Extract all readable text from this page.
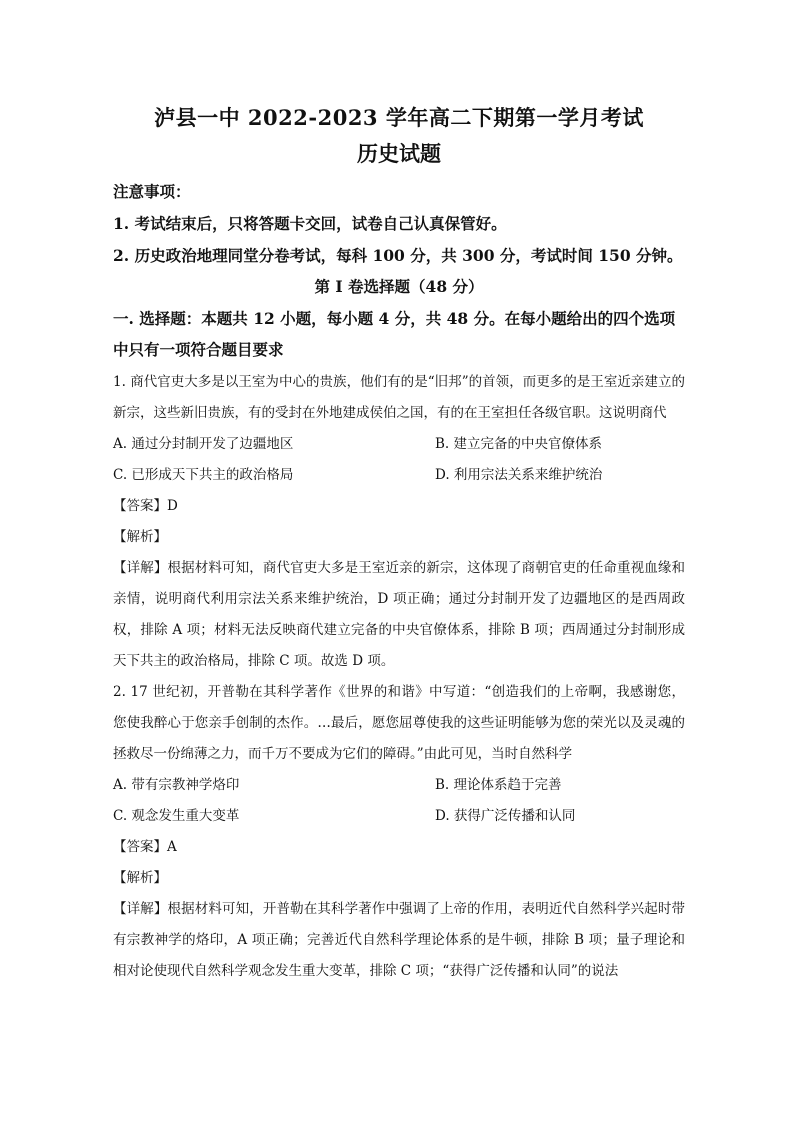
泸县一中 2022-2023 学年高二下期第一学月考试
历史试题
注意事项：
1. 考试结束后，只将答题卡交回，试卷自己认真保管好。
2. 历史政治地理同堂分卷考试，每科 100 分，共 300 分，考试时间 150 分钟。
第 I 卷选择题（48 分）
一. 选择题：本题共 12 小题，每小题 4 分，共 48 分。在每小题给出的四个选项中只有一项符合题目要求
1. 商代官吏大多是以王室为中心的贵族，他们有的是“旧邦”的首领，而更多的是王室近亲建立的新宗，这些新旧贵族，有的受封在外地建成侯伯之国，有的在王室担任各级官职。这说明商代
A. 通过分封制开发了边疆地区	B. 建立完备的中央官僚体系
C. 已形成天下共主的政治格局	D. 利用宗法关系来维护统治
【答案】D
【解析】
【详解】根据材料可知，商代官吏大多是王室近亲的新宗，这体现了商朝官吏的任命重视血缘和亲情，说明商代利用宗法关系来维护统治，D 项正确；通过分封制开发了边疆地区的是西周政权，排除 A 项；材料无法反映商代建立完备的中央官僚体系，排除 B 项；西周通过分封制形成天下共主的政治格局，排除 C 项。故选 D 项。
2. 17 世纪初，开普勒在其科学著作《世界的和谐》中写道：“创造我们的上帝啊，我感谢您，您使我醉心于您亲手创制的杰作。…最后，愿您屈尊使我的这些证明能够为您的荣光以及灵魂的拯救尽一份绵薄之力，而千万不要成为它们的障碍。”由此可见，当时自然科学
A. 带有宗教神学烙印	B. 理论体系趋于完善
C. 观念发生重大变革	D. 获得广泛传播和认同
【答案】A
【解析】
【详解】根据材料可知，开普勒在其科学著作中强调了上帝的作用，表明近代自然科学兴起时带有宗教神学的烙印，A 项正确；完善近代自然科学理论体系的是牛顿，排除 B 项；量子理论和相对论使现代自然科学观念发生重大变革，排除 C 项；“获得广泛传播和认同”的说法
